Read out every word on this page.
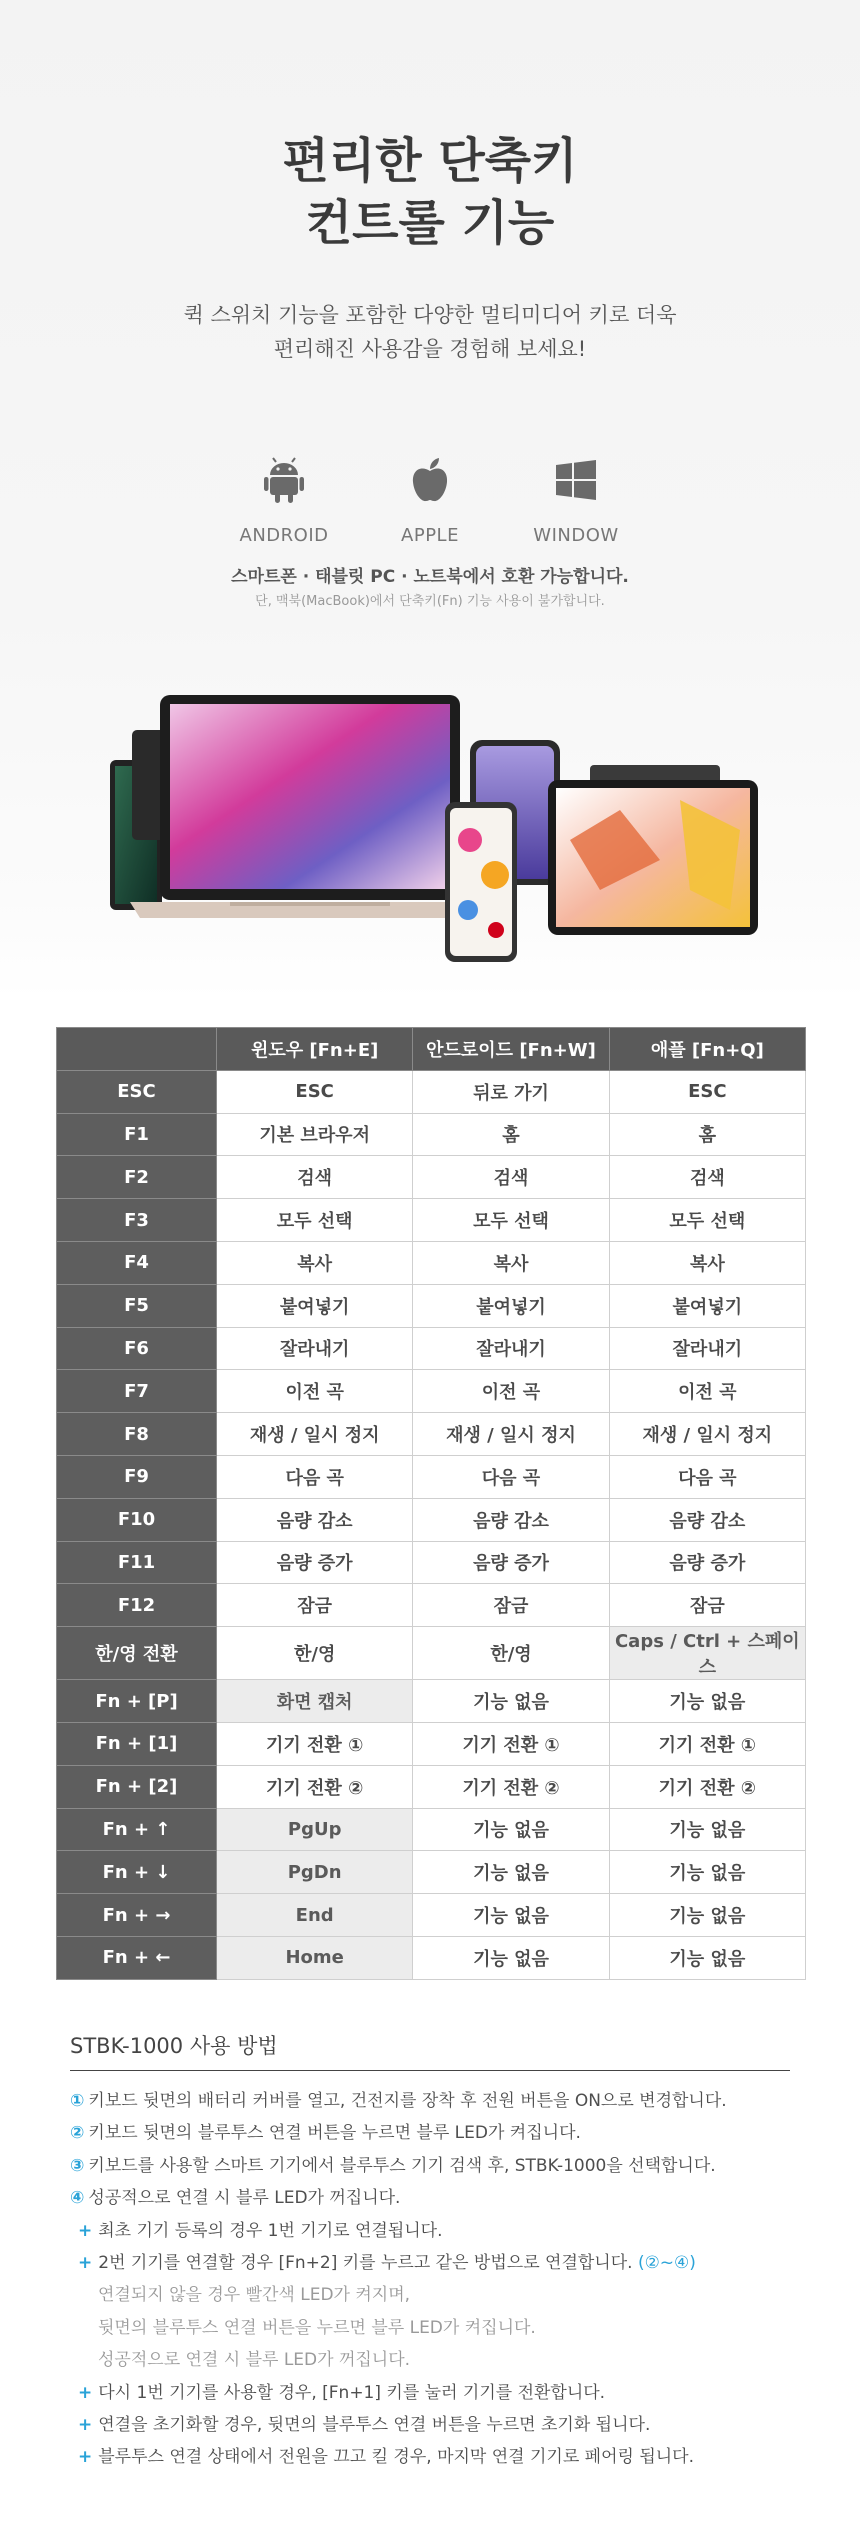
편리한 단축키
컨트롤 기능
퀵 스위치 기능을 포함한 다양한 멀티미디어 키로 더욱
편리해진 사용감을 경험해 보세요!
ANDROID	APPLE	WINDOW
스마트폰 · 태블릿 PC · 노트북에서 호환 가능합니다.
단, 맥북(MacBook)에서 단축키(Fn) 기능 사용이 불가합니다.
	윈도우 [Fn+E]	안드로이드 [Fn+W]	애플 [Fn+Q]
ESC	ESC	뒤로 가기	ESC
F1	기본 브라우저	홈	홈
F2	검색	검색	검색
F3	모두 선택	모두 선택	모두 선택
F4	복사	복사	복사
F5	붙여넣기	붙여넣기	붙여넣기
F6	잘라내기	잘라내기	잘라내기
F7	이전 곡	이전 곡	이전 곡
F8	재생 / 일시 정지	재생 / 일시 정지	재생 / 일시 정지
F9	다음 곡	다음 곡	다음 곡
F10	음량 감소	음량 감소	음량 감소
F11	음량 증가	음량 증가	음량 증가
F12	잠금	잠금	잠금
한/영 전환	한/영	한/영	Caps / Ctrl + 스페이스
Fn + [P]	화면 캡처	기능 없음	기능 없음
Fn + [1]	기기 전환 ①	기기 전환 ①	기기 전환 ①
Fn + [2]	기기 전환 ②	기기 전환 ②	기기 전환 ②
Fn + ↑	PgUp	기능 없음	기능 없음
Fn + ↓	PgDn	기능 없음	기능 없음
Fn + →	End	기능 없음	기능 없음
Fn + ←	Home	기능 없음	기능 없음
STBK-1000 사용 방법
① 키보드 뒷면의 배터리 커버를 열고, 건전지를 장착 후 전원 버튼을 ON으로 변경합니다.
② 키보드 뒷면의 블루투스 연결 버튼을 누르면 블루 LED가 켜집니다.
③ 키보드를 사용할 스마트 기기에서 블루투스 기기 검색 후, STBK-1000을 선택합니다.
④ 성공적으로 연결 시 블루 LED가 꺼집니다.
+ 최초 기기 등록의 경우 1번 기기로 연결됩니다.
+ 2번 기기를 연결할 경우 [Fn+2] 키를 누르고 같은 방법으로 연결합니다. (②~④)
연결되지 않을 경우 빨간색 LED가 켜지며,
뒷면의 블루투스 연결 버튼을 누르면 블루 LED가 켜집니다.
성공적으로 연결 시 블루 LED가 꺼집니다.
+ 다시 1번 기기를 사용할 경우, [Fn+1] 키를 눌러 기기를 전환합니다.
+ 연결을 초기화할 경우, 뒷면의 블루투스 연결 버튼을 누르면 초기화 됩니다.
+ 블루투스 연결 상태에서 전원을 끄고 킬 경우, 마지막 연결 기기로 페어링 됩니다.
